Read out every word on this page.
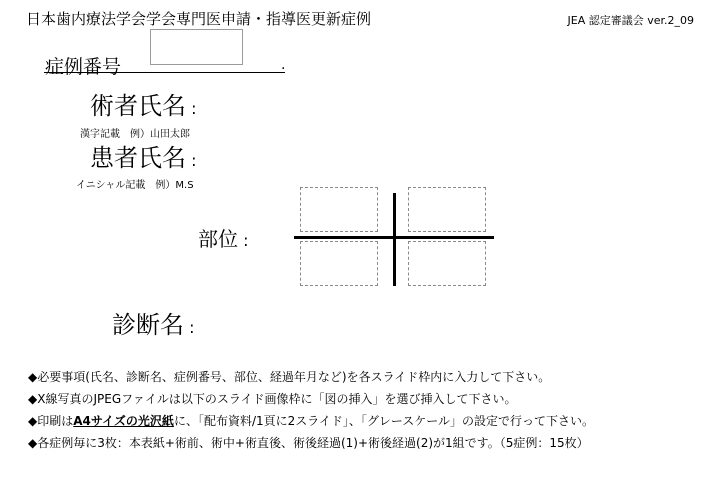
日本歯内療法学会学会専門医申請・指導医更新症例	JEA 認定審議会 ver.2_09
症例番号	.
術者氏名 :
漢字記載　例）山田太郎
患者氏名 :
イニシャル記載　例）M.S
部位 :
診断名 :
◆必要事項(氏名、診断名、症例番号、部位、経過年月など)を各スライド枠内に入力して下さい。
◆X線写真のJPEGファイルは以下のスライド画像枠に「図の挿入」を選び挿入して下さい。
◆印刷はA4サイズの光沢紙に、「配布資料/1頁に2スライド」、「グレースケール」の設定で行って下さい。
◆各症例毎に3枚：本表紙+術前、術中+術直後、術後経過(1)+術後経過(2)が1組です。（5症例：15枚）
